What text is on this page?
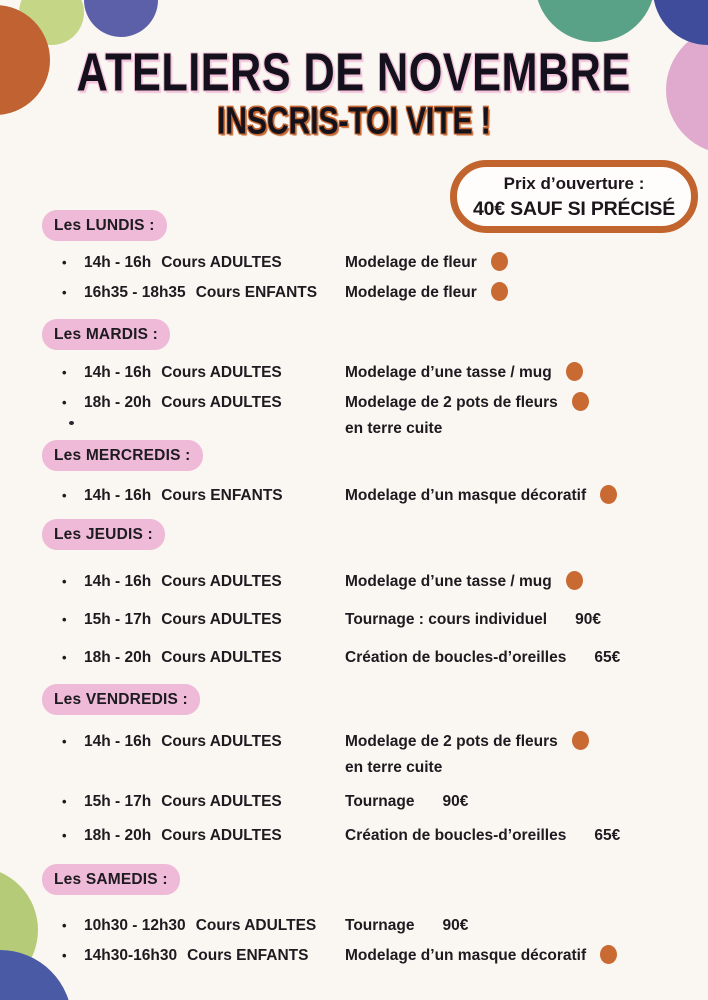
ATELIERS DE NOVEMBRE
INSCRIS-TOI VITE !
Prix d’ouverture :
40€ SAUF SI PRÉCISÉ
Les LUNDIS :
•	14h - 16h Cours ADULTES	Modelage de fleur
•	16h35 - 18h35 Cours ENFANTS Modelage de fleur
Les MARDIS :
•	14h - 16h Cours ADULTES	Modelage d’une tasse / mug
•	18h - 20h Cours ADULTES	Modelage de 2 pots de fleurs
en terre cuite
Les MERCREDIS :
•	14h - 16h Cours ENFANTS	Modelage d’un masque décoratif
Les JEUDIS :
•	14h - 16h Cours ADULTES	Modelage d’une tasse / mug
•	15h - 17h Cours ADULTES	Tournage : cours individuel 90€
•	18h - 20h Cours ADULTES	Création de boucles-d’oreilles 65€
Les VENDREDIS :
•	14h - 16h Cours ADULTES	Modelage de 2 pots de fleurs
en terre cuite
•	15h - 17h Cours ADULTES	Tournage 90€
•	18h - 20h Cours ADULTES	Création de boucles-d’oreilles 65€
Les SAMEDIS :
•	10h30 - 12h30 Cours ADULTES Tournage 90€
•	14h30-16h30 Cours ENFANTS Modelage d’un masque décoratif
